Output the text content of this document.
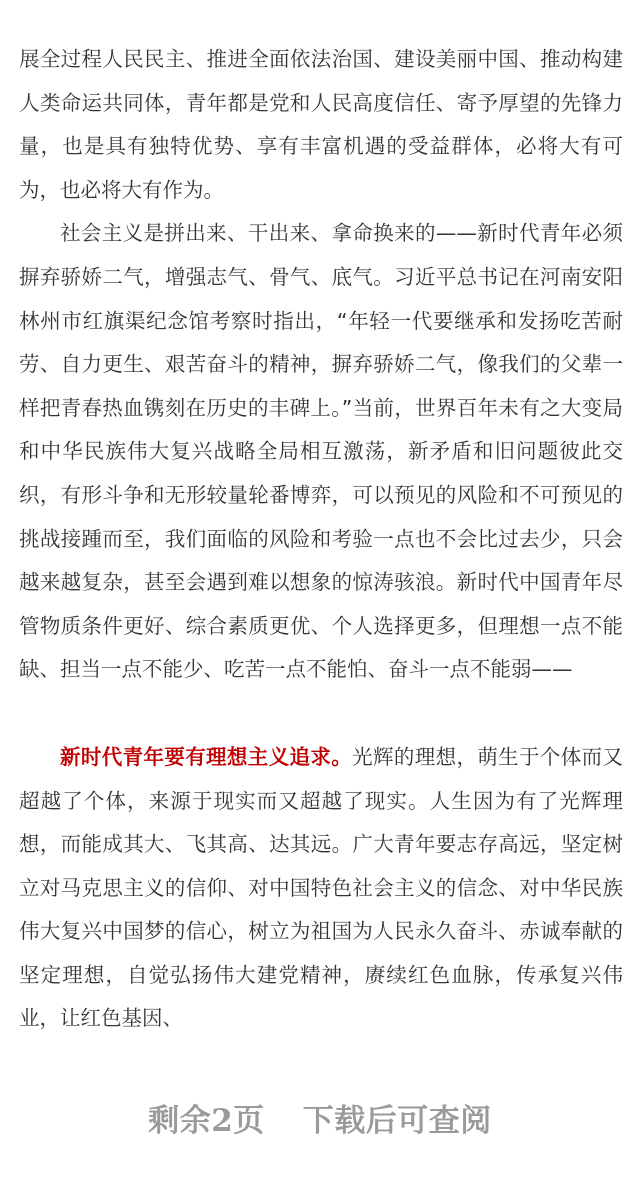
展全过程人民民主、推进全面依法治国、建设美丽中国、推动构建人类命运共同体，青年都是党和人民高度信任、寄予厚望的先锋力量，也是具有独特优势、享有丰富机遇的受益群体，必将大有可为，也必将大有作为。

社会主义是拼出来、干出来、拿命换来的——新时代青年必须摒弃骄娇二气，增强志气、骨气、底气。习近平总书记在河南安阳林州市红旗渠纪念馆考察时指出，“年轻一代要继承和发扬吃苦耐劳、自力更生、艰苦奋斗的精神，摒弃骄娇二气，像我们的父辈一样把青春热血镌刻在历史的丰碑上。”当前，世界百年未有之大变局和中华民族伟大复兴战略全局相互激荡，新矛盾和旧问题彼此交织，有形斗争和无形较量轮番博弈，可以预见的风险和不可预见的挑战接踵而至，我们面临的风险和考验一点也不会比过去少，只会越来越复杂，甚至会遇到难以想象的惊涛骇浪。新时代中国青年尽管物质条件更好、综合素质更优、个人选择更多，但理想一点不能缺、担当一点不能少、吃苦一点不能怕、奋斗一点不能弱——

新时代青年要有理想主义追求。光辉的理想，萌生于个体而又超越了个体，来源于现实而又超越了现实。人生因为有了光辉理想，而能成其大、飞其高、达其远。广大青年要志存高远，坚定树立对马克思主义的信仰、对中国特色社会主义的信念、对中华民族伟大复兴中国梦的信心，树立为祖国为人民永久奋斗、赤诚奉献的坚定理想，自觉弘扬伟大建党精神，赓续红色血脉，传承复兴伟业，让红色基因、

剩余2页 下载后可查阅
